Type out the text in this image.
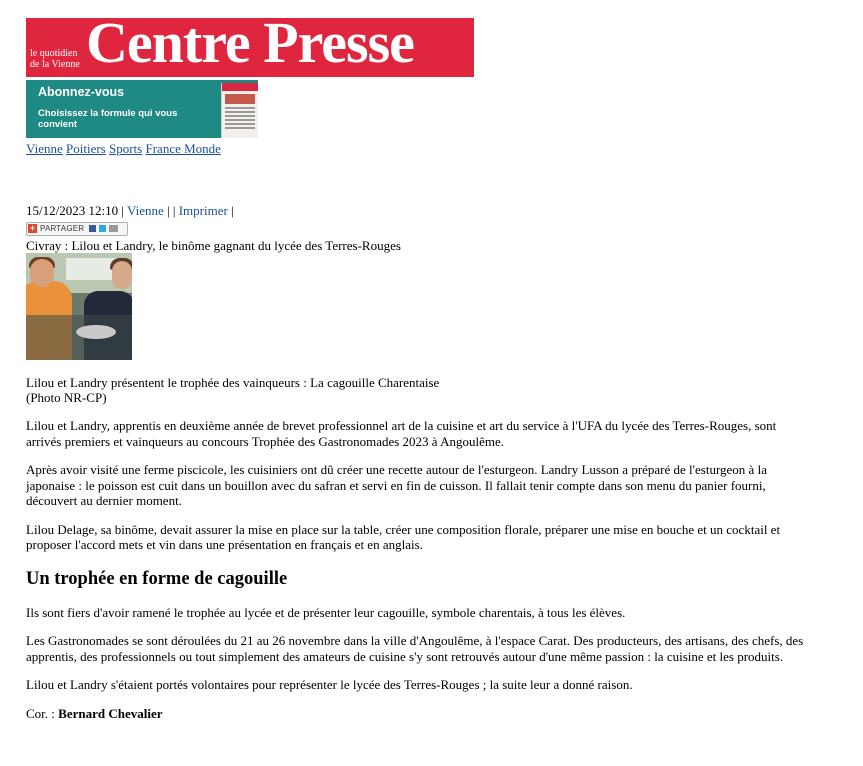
le quotidien
de la Vienne Centre Presse
Abonnez-vous
Choisissez la formule qui vous convient
Vienne Poitiers Sports France Monde
15/12/2023 12:10 | Vienne | | Imprimer |
+ PARTAGER
Civray : Lilou et Landry, le binôme gagnant du lycée des Terres-Rouges
Lilou et Landry présentent le trophée des vainqueurs : La cagouille Charentaise
(Photo NR-CP)

Lilou et Landry, apprentis en deuxième année de brevet professionnel art de la cuisine et art du service à l'UFA du lycée des Terres-Rouges, sont arrivés premiers et vainqueurs au concours Trophée des Gastronomades 2023 à Angoulême.

Après avoir visité une ferme piscicole, les cuisiniers ont dû créer une recette autour de l'esturgeon. Landry Lusson a préparé de l'esturgeon à la japonaise : le poisson est cuit dans un bouillon avec du safran et servi en fin de cuisson. Il fallait tenir compte dans son menu du panier fourni, découvert au dernier moment.

Lilou Delage, sa binôme, devait assurer la mise en place sur la table, créer une composition florale, préparer une mise en bouche et un cocktail et proposer l'accord mets et vin dans une présentation en français et en anglais.

Un trophée en forme de cagouille

Ils sont fiers d'avoir ramené le trophée au lycée et de présenter leur cagouille, symbole charentais, à tous les élèves.

Les Gastronomades se sont déroulées du 21 au 26 novembre dans la ville d'Angoulême, à l'espace Carat. Des producteurs, des artisans, des chefs, des apprentis, des professionnels ou tout simplement des amateurs de cuisine s'y sont retrouvés autour d'une même passion : la cuisine et les produits.

Lilou et Landry s'étaient portés volontaires pour représenter le lycée des Terres-Rouges ; la suite leur a donné raison.

Cor. : Bernard Chevalier
